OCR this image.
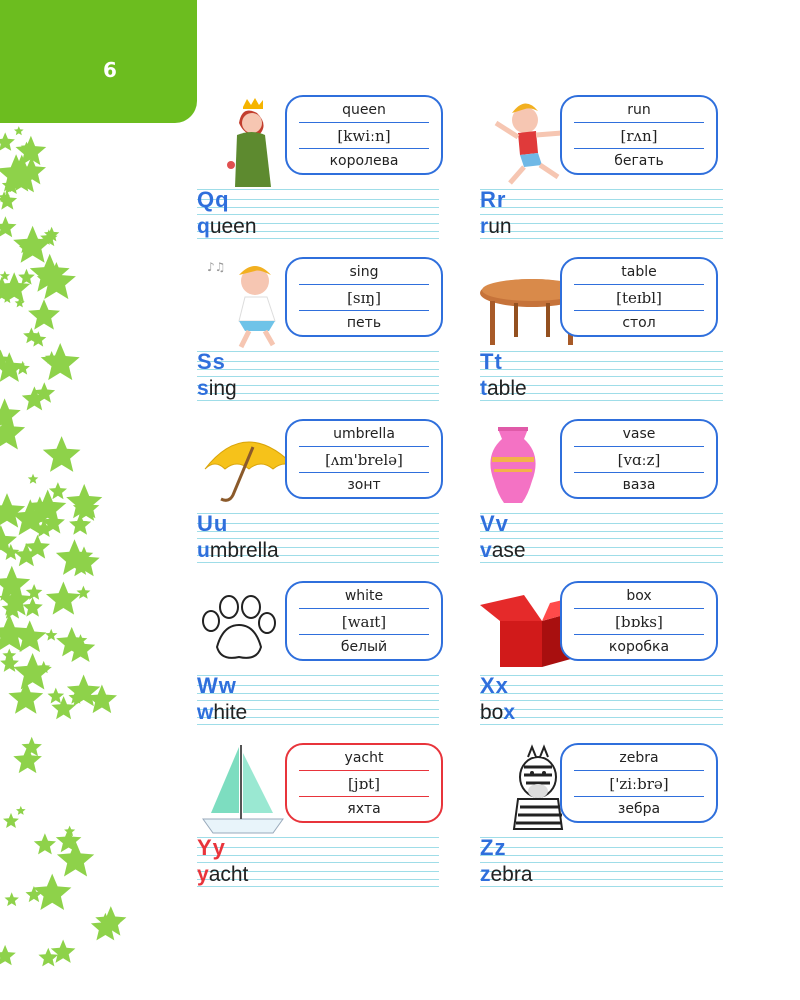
6
queen
[kwiːn]
королева
Qq
queen
run
[rʌn]
бегать
Rr
run
♪♫	sing
[sɪŋ]
петь
Ss
sing
table
[teɪbl]
стол
Tt
table
umbrella
[ʌm'brelə]
зонт
Uu
umbrella
vase
[vɑːz]
ваза
Vv
vase
white
[waɪt]
белый
Ww
white
box
[bɒks]
коробка
Xx
box
yacht
[jɒt]
яхта
Yy
yacht
zebra
['ziːbrə]
зебра
Zz
zebra
